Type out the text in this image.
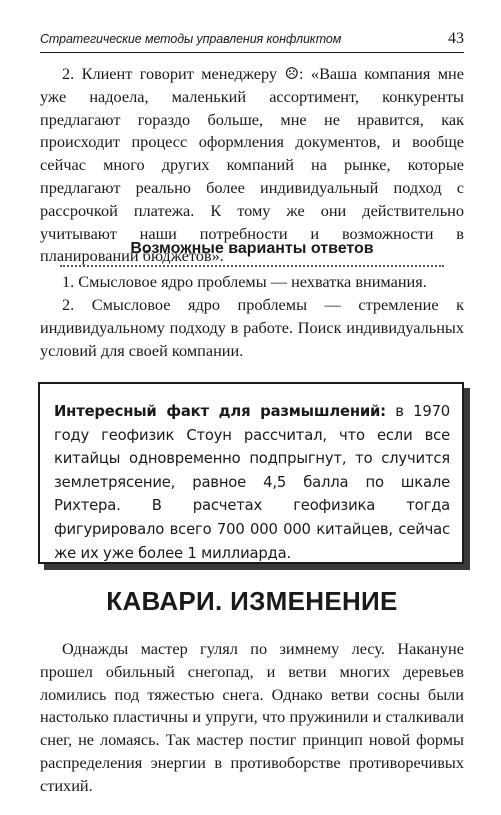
Стратегические методы управления конфликтом	43

2. Клиент говорит менеджеру ☹: «Ваша компания мне уже надоела, маленький ассортимент, конкуренты предлагают гораздо больше, мне не нравится, как происходит процесс оформления документов, и вообще сейчас много других компаний на рынке, которые предлагают реально более индивидуальный подход с рассрочкой платежа. К тому же они действительно учитывают наши потребности и возможности в планировании бюджетов».

Возможные варианты ответов

1. Смысловое ядро проблемы — нехватка внимания.

2. Смысловое ядро проблемы — стремление к индивидуальному подходу в работе. Поиск индивидуальных условий для своей компании.

Интересный факт для размышлений: в 1970 году геофизик Стоун рассчитал, что если все китайцы одновременно подпрыгнут, то случится землетрясение, равное 4,5 балла по шкале Рихтера. В расчетах геофизика тогда фигурировало всего 700 000 000 китайцев, сейчас же их уже более 1 миллиарда.

КАВАРИ. ИЗМЕНЕНИЕ

Однажды мастер гулял по зимнему лесу. Накануне прошел обильный снегопад, и ветви многих деревьев ломились под тяжестью снега. Однако ветви сосны были настолько пластичны и упруги, что пружинили и сталкивали снег, не ломаясь. Так мастер постиг принцип новой формы распределения энергии в противоборстве противоречивых стихий.
